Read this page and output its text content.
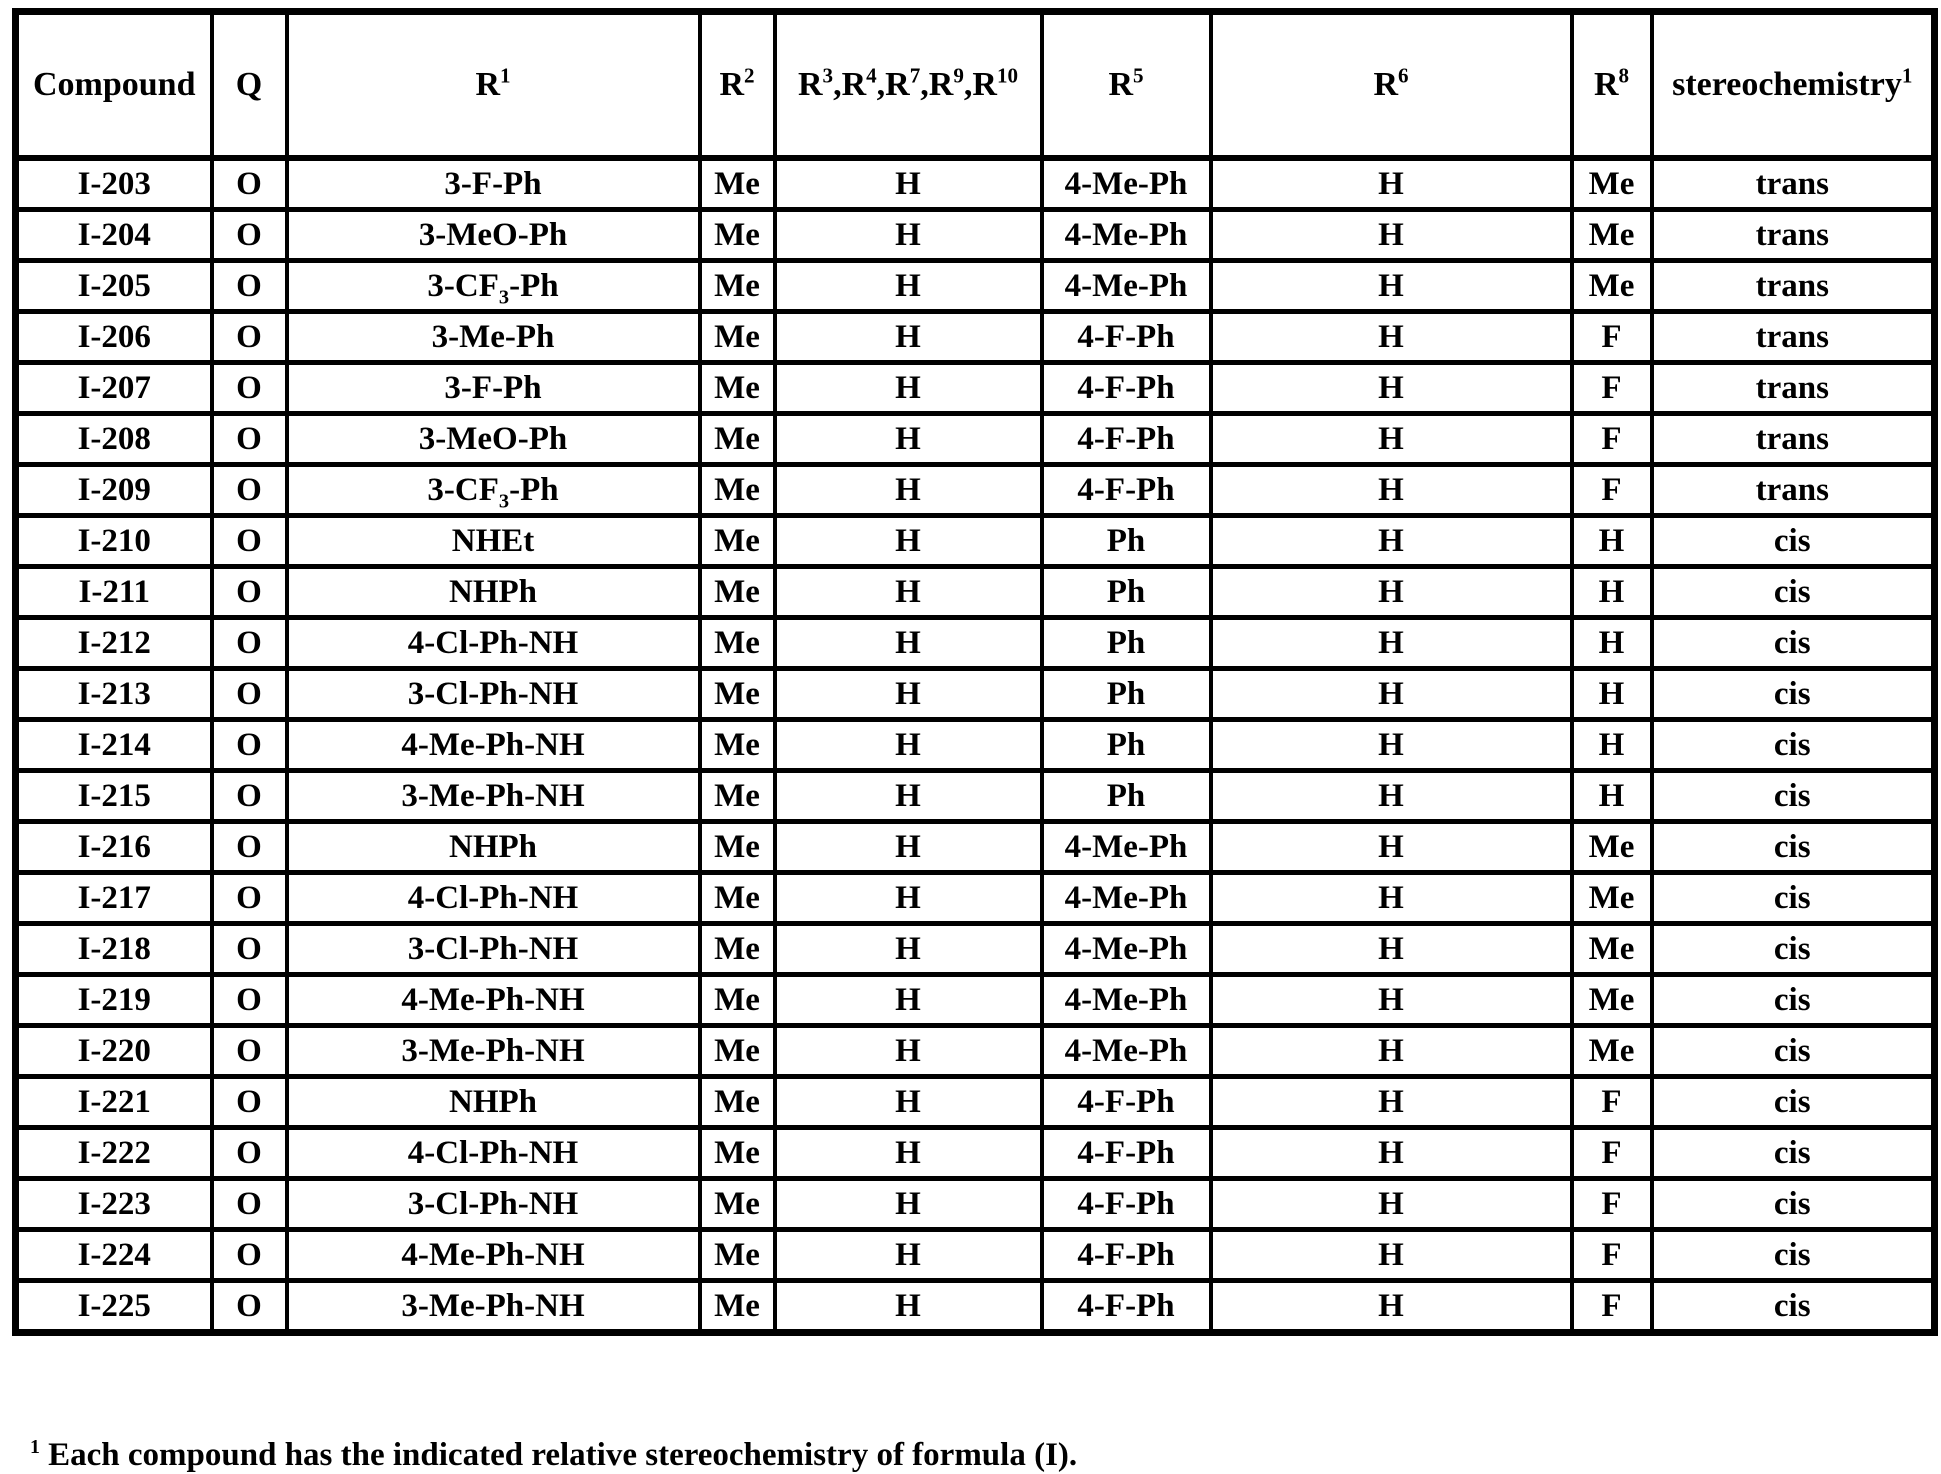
Compound	Q	$R^1$	$R^2$	$R^3,R^4,R^7,R^9,R^{10}$	$R^5$	$R^6$	$R^8$	stereochemistry$^1$
I-203	O	3-F-Ph	Me	H	4-Me-Ph	H	Me	trans
I-204	O	3-MeO-Ph	Me	H	4-Me-Ph	H	Me	trans
I-205	O	$3-CF_3-Ph$	Me	H	4-Me-Ph	H	Me	trans
I-206	O	3-Me-Ph	Me	H	4-F-Ph	H	F	trans
I-207	O	3-F-Ph	Me	H	4-F-Ph	H	F	trans
I-208	O	3-MeO-Ph	Me	H	4-F-Ph	H	F	trans
I-209	O	$3-CF_3-Ph$	Me	H	4-F-Ph	H	F	trans
I-210	O	NHEt	Me	H	Ph	H	H	cis
I-211	O	NHPh	Me	H	Ph	H	H	cis
I-212	O	4-Cl-Ph-NH	Me	H	Ph	H	H	cis
I-213	O	3-Cl-Ph-NH	Me	H	Ph	H	H	cis
I-214	O	4-Me-Ph-NH	Me	H	Ph	H	H	cis
I-215	O	3-Me-Ph-NH	Me	H	Ph	H	H	cis
I-216	O	NHPh	Me	H	4-Me-Ph	H	Me	cis
I-217	O	4-Cl-Ph-NH	Me	H	4-Me-Ph	H	Me	cis
I-218	O	3-Cl-Ph-NH	Me	H	4-Me-Ph	H	Me	cis
I-219	O	4-Me-Ph-NH	Me	H	4-Me-Ph	H	Me	cis
I-220	O	3-Me-Ph-NH	Me	H	4-Me-Ph	H	Me	cis
I-221	O	NHPh	Me	H	4-F-Ph	H	F	cis
I-222	O	4-Cl-Ph-NH	Me	H	4-F-Ph	H	F	cis
I-223	O	3-Cl-Ph-NH	Me	H	4-F-Ph	H	F	cis
I-224	O	4-Me-Ph-NH	Me	H	4-F-Ph	H	F	cis
I-225	O	3-Me-Ph-NH	Me	H	4-F-Ph	H	F	cis
$^1$ Each compound has the indicated relative stereochemistry of formula (I).
